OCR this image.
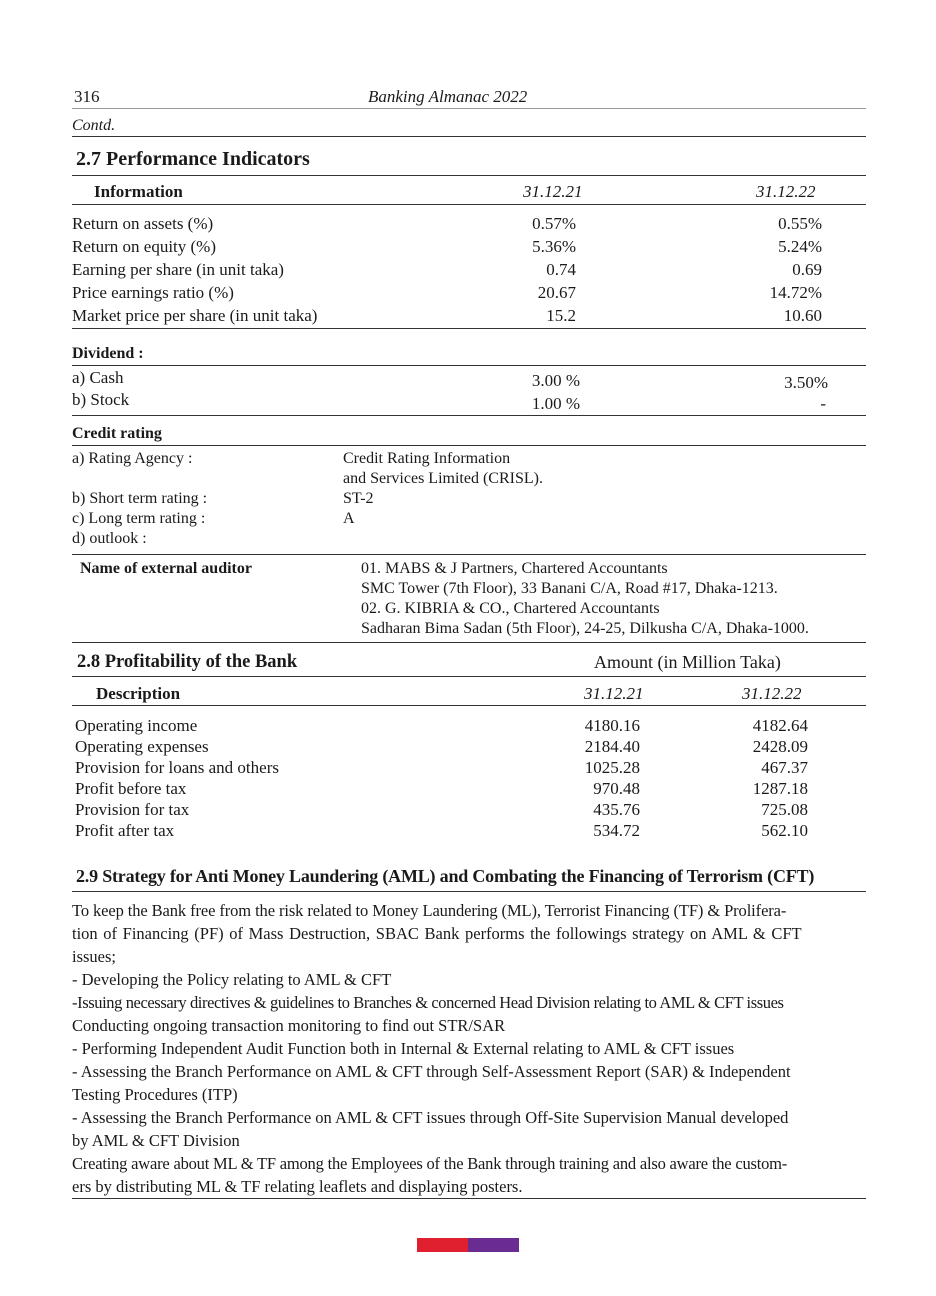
316	Banking Almanac 2022
Contd.
2.7 Performance Indicators
Information	31.12.21	31.12.22
Return on assets (%)	0.57%	0.55%
Return on equity (%)	5.36%	5.24%
Earning per share (in unit taka)	0.74	0.69
Price earnings ratio (%)	20.67	14.72%
Market price per share (in unit taka)	15.2	10.60
Dividend :
a) Cash	3.00 %	3.50%
b) Stock	1.00 %	-
Credit rating
a) Rating Agency :	Credit Rating Information
and Services Limited (CRISL).
b) Short term rating :	ST-2
c) Long term rating :	A
d) outlook :
Name of external auditor	01. MABS & J Partners, Chartered Accountants
SMC Tower (7th Floor), 33 Banani C/A, Road #17, Dhaka-1213.
02. G. KIBRIA & CO., Chartered Accountants
Sadharan Bima Sadan (5th Floor), 24-25, Dilkusha C/A, Dhaka-1000.
2.8 Profitability of the Bank	Amount (in Million Taka)
Description	31.12.21	31.12.22
Operating income	4180.16	4182.64
Operating expenses	2184.40	2428.09
Provision for loans and others	1025.28	467.37
Profit before tax	970.48	1287.18
Provision for tax	435.76	725.08
Profit after tax	534.72	562.10
2.9 Strategy for Anti Money Laundering (AML) and Combating the Financing of Terrorism (CFT)
To keep the Bank free from the risk related to Money Laundering (ML), Terrorist Financing (TF) & Prolifera-
tion of Financing (PF) of Mass Destruction, SBAC Bank performs the followings strategy on AML & CFT
issues;
- Developing the Policy relating to AML & CFT
-Issuing necessary directives & guidelines to Branches & concerned Head Division relating to AML & CFT issues
Conducting ongoing transaction monitoring to find out STR/SAR
- Performing Independent Audit Function both in Internal & External relating to AML & CFT issues
- Assessing the Branch Performance on AML & CFT through Self-Assessment Report (SAR) & Independent
Testing Procedures (ITP)
- Assessing the Branch Performance on AML & CFT issues through Off-Site Supervision Manual developed
by AML & CFT Division
Creating aware about ML & TF among the Employees of the Bank through training and also aware the custom-
ers by distributing ML & TF relating leaflets and displaying posters.
